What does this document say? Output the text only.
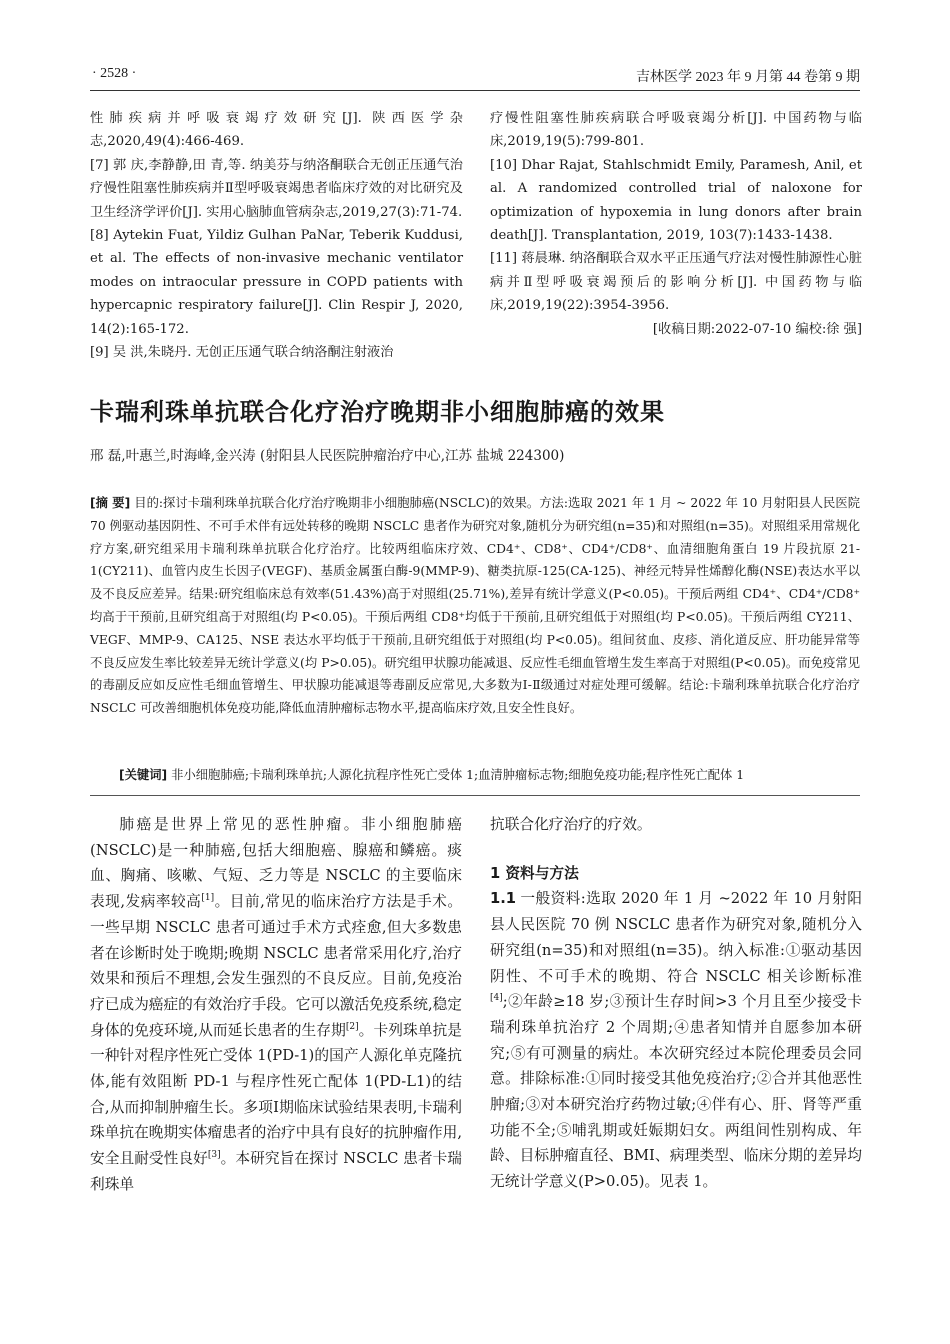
· 2528 ·	吉林医学 2023 年 9 月第 44 卷第 9 期

性肺疾病并呼吸衰竭疗效研究[J]. 陕西医学杂志,2020,49(4):466-469.

[7] 郭 庆,李静静,田 青,等. 纳美芬与纳洛酮联合无创正压通气治疗慢性阻塞性肺疾病并Ⅱ型呼吸衰竭患者临床疗效的对比研究及卫生经济学评价[J]. 实用心脑肺血管病杂志,2019,27(3):71-74.

[8] Aytekin Fuat, Yildiz Gulhan PaNar, Teberik Kuddusi, et al. The effects of non-invasive mechanic ventilator modes on intraocular pressure in COPD patients with hypercapnic respiratory failure[J]. Clin Respir J, 2020, 14(2):165-172.

[9] 吴 洪,朱晓丹. 无创正压通气联合纳洛酮注射液治

疗慢性阻塞性肺疾病联合呼吸衰竭分析[J]. 中国药物与临床,2019,19(5):799-801.

[10] Dhar Rajat, Stahlschmidt Emily, Paramesh, Anil, et al. A randomized controlled trial of naloxone for optimization of hypoxemia in lung donors after brain death[J]. Transplantation, 2019, 103(7):1433-1438.

[11] 蒋晨琳. 纳洛酮联合双水平正压通气疗法对慢性肺源性心脏病并Ⅱ型呼吸衰竭预后的影响分析[J]. 中国药物与临床,2019,19(22):3954-3956.

[收稿日期:2022-07-10 编校:徐 强]

卡瑞利珠单抗联合化疗治疗晚期非小细胞肺癌的效果

邢 磊,叶惠兰,时海峰,金兴涛 (射阳县人民医院肿瘤治疗中心,江苏 盐城 224300)

[摘 要] 目的:探讨卡瑞利珠单抗联合化疗治疗晚期非小细胞肺癌(NSCLC)的效果。方法:选取 2021 年 1 月 ~ 2022 年 10 月射阳县人民医院 70 例驱动基因阴性、不可手术伴有远处转移的晚期 NSCLC 患者作为研究对象,随机分为研究组(n=35)和对照组(n=35)。对照组采用常规化疗方案,研究组采用卡瑞利珠单抗联合化疗治疗。比较两组临床疗效、CD4⁺、CD8⁺、CD4⁺/CD8⁺、血清细胞角蛋白 19 片段抗原 21-1(CY211)、血管内皮生长因子(VEGF)、基质金属蛋白酶-9(MMP-9)、糖类抗原-125(CA-125)、神经元特异性烯醇化酶(NSE)表达水平以及不良反应差异。结果:研究组临床总有效率(51.43%)高于对照组(25.71%),差异有统计学意义(P<0.05)。干预后两组 CD4⁺、CD4⁺/CD8⁺均高于干预前,且研究组高于对照组(均 P<0.05)。干预后两组 CD8⁺均低于干预前,且研究组低于对照组(均 P<0.05)。干预后两组 CY211、VEGF、MMP-9、CA125、NSE 表达水平均低于干预前,且研究组低于对照组(均 P<0.05)。组间贫血、皮疹、消化道反应、肝功能异常等不良反应发生率比较差异无统计学意义(均 P>0.05)。研究组甲状腺功能减退、反应性毛细血管增生发生率高于对照组(P<0.05)。而免疫常见的毒副反应如反应性毛细血管增生、甲状腺功能减退等毒副反应常见,大多数为Ⅰ-Ⅱ级通过对症处理可缓解。结论:卡瑞利珠单抗联合化疗治疗 NSCLC 可改善细胞机体免疫功能,降低血清肿瘤标志物水平,提高临床疗效,且安全性良好。

[关键词] 非小细胞肺癌;卡瑞利珠单抗;人源化抗程序性死亡受体 1;血清肿瘤标志物;细胞免疫功能;程序性死亡配体 1

肺癌是世界上常见的恶性肿瘤。非小细胞肺癌(NSCLC)是一种肺癌,包括大细胞癌、腺癌和鳞癌。痰血、胸痛、咳嗽、气短、乏力等是 NSCLC 的主要临床表现,发病率较高[1]。目前,常见的临床治疗方法是手术。一些早期 NSCLC 患者可通过手术方式痊愈,但大多数患者在诊断时处于晚期;晚期 NSCLC 患者常采用化疗,治疗效果和预后不理想,会发生强烈的不良反应。目前,免疫治疗已成为癌症的有效治疗手段。它可以激活免疫系统,稳定身体的免疫环境,从而延长患者的生存期[2]。卡列珠单抗是一种针对程序性死亡受体 1(PD-1)的国产人源化单克隆抗体,能有效阻断 PD-1 与程序性死亡配体 1(PD-L1)的结合,从而抑制肿瘤生长。多项Ⅰ期临床试验结果表明,卡瑞利珠单抗在晚期实体瘤患者的治疗中具有良好的抗肿瘤作用,安全且耐受性良好[3]。本研究旨在探讨 NSCLC 患者卡瑞利珠单

抗联合化疗治疗的疗效。

1 资料与方法

1.1 一般资料:选取 2020 年 1 月 ~2022 年 10 月射阳县人民医院 70 例 NSCLC 患者作为研究对象,随机分入研究组(n=35)和对照组(n=35)。纳入标准:①驱动基因阴性、不可手术的晚期、符合 NSCLC 相关诊断标准[4];②年龄≥18 岁;③预计生存时间>3 个月且至少接受卡瑞利珠单抗治疗 2 个周期;④患者知情并自愿参加本研究;⑤有可测量的病灶。本次研究经过本院伦理委员会同意。排除标准:①同时接受其他免疫治疗;②合并其他恶性肿瘤;③对本研究治疗药物过敏;④伴有心、肝、肾等严重功能不全;⑤哺乳期或妊娠期妇女。两组间性别构成、年龄、目标肿瘤直径、BMI、病理类型、临床分期的差异均无统计学意义(P>0.05)。见表 1。
